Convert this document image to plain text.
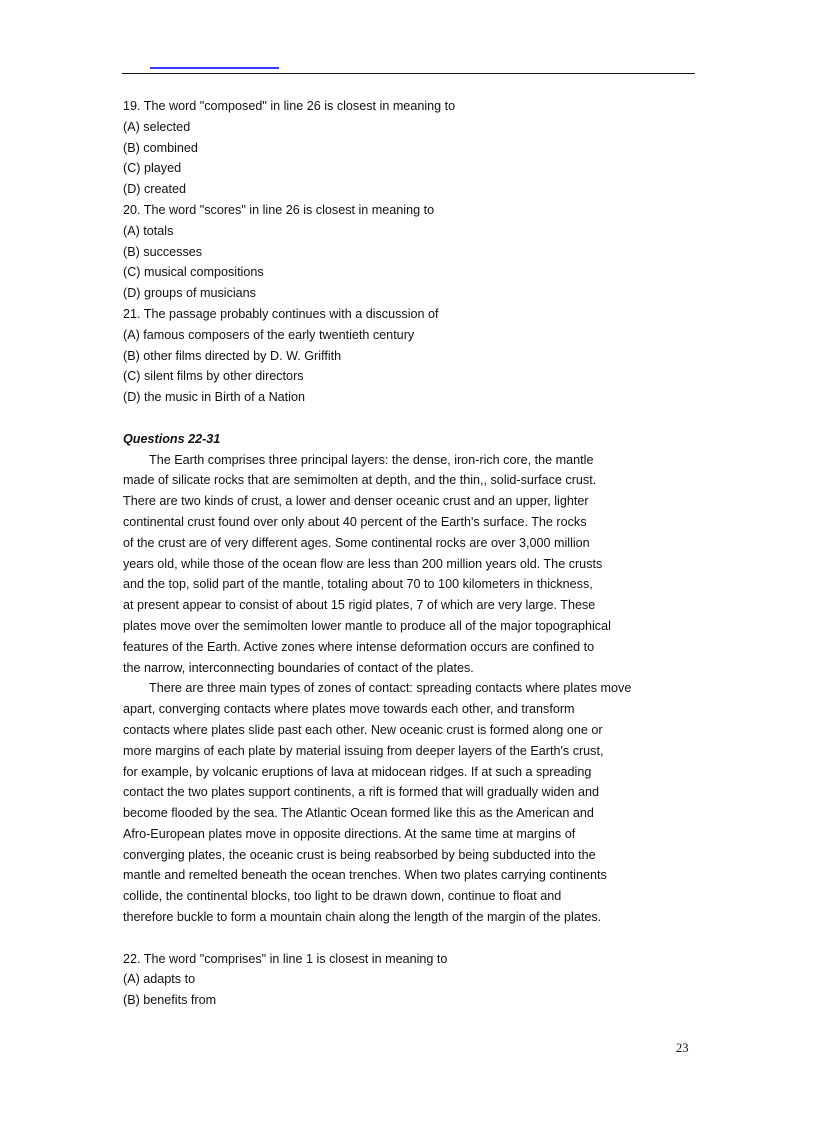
19. The word "composed" in line 26 is closest in meaning to
(A) selected
(B) combined
(C) played
(D) created
20. The word "scores" in line 26 is closest in meaning to
(A) totals
(B) successes
(C) musical compositions
(D) groups of musicians
21. The passage probably continues with a discussion of
(A) famous composers of the early twentieth century
(B) other films directed by D. W. Griffith
(C) silent films by other directors
(D) the music in Birth of a Nation
Questions 22-31
The Earth comprises three principal layers: the dense, iron-rich core, the mantle
made of silicate rocks that are semimolten at depth, and the thin,, solid-surface crust.
There are two kinds of crust, a lower and denser oceanic crust and an upper, lighter
continental crust found over only about 40 percent of the Earth's surface. The rocks
of the crust are of very different ages. Some continental rocks are over 3,000 million
years old, while those of the ocean flow are less than 200 million years old. The crusts
and the top, solid part of the mantle, totaling about 70 to 100 kilometers in thickness,
at present appear to consist of about 15 rigid plates, 7 of which are very large. These
plates move over the semimolten lower mantle to produce all of the major topographical
features of the Earth. Active zones where intense deformation occurs are confined to
the narrow, interconnecting boundaries of contact of the plates.
There are three main types of zones of contact: spreading contacts where plates move
apart, converging contacts where plates move towards each other, and transform
contacts where plates slide past each other. New oceanic crust is formed along one or
more margins of each plate by material issuing from deeper layers of the Earth's crust,
for example, by volcanic eruptions of lava at midocean ridges. If at such a spreading
contact the two plates support continents, a rift is formed that will gradually widen and
become flooded by the sea. The Atlantic Ocean formed like this as the American and
Afro-European plates move in opposite directions. At the same time at margins of
converging plates, the oceanic crust is being reabsorbed by being subducted into the
mantle and remelted beneath the ocean trenches. When two plates carrying continents
collide, the continental blocks, too light to be drawn down, continue to float and
therefore buckle to form a mountain chain along the length of the margin of the plates.
22. The word "comprises" in line 1 is closest in meaning to
(A) adapts to
(B) benefits from
23
